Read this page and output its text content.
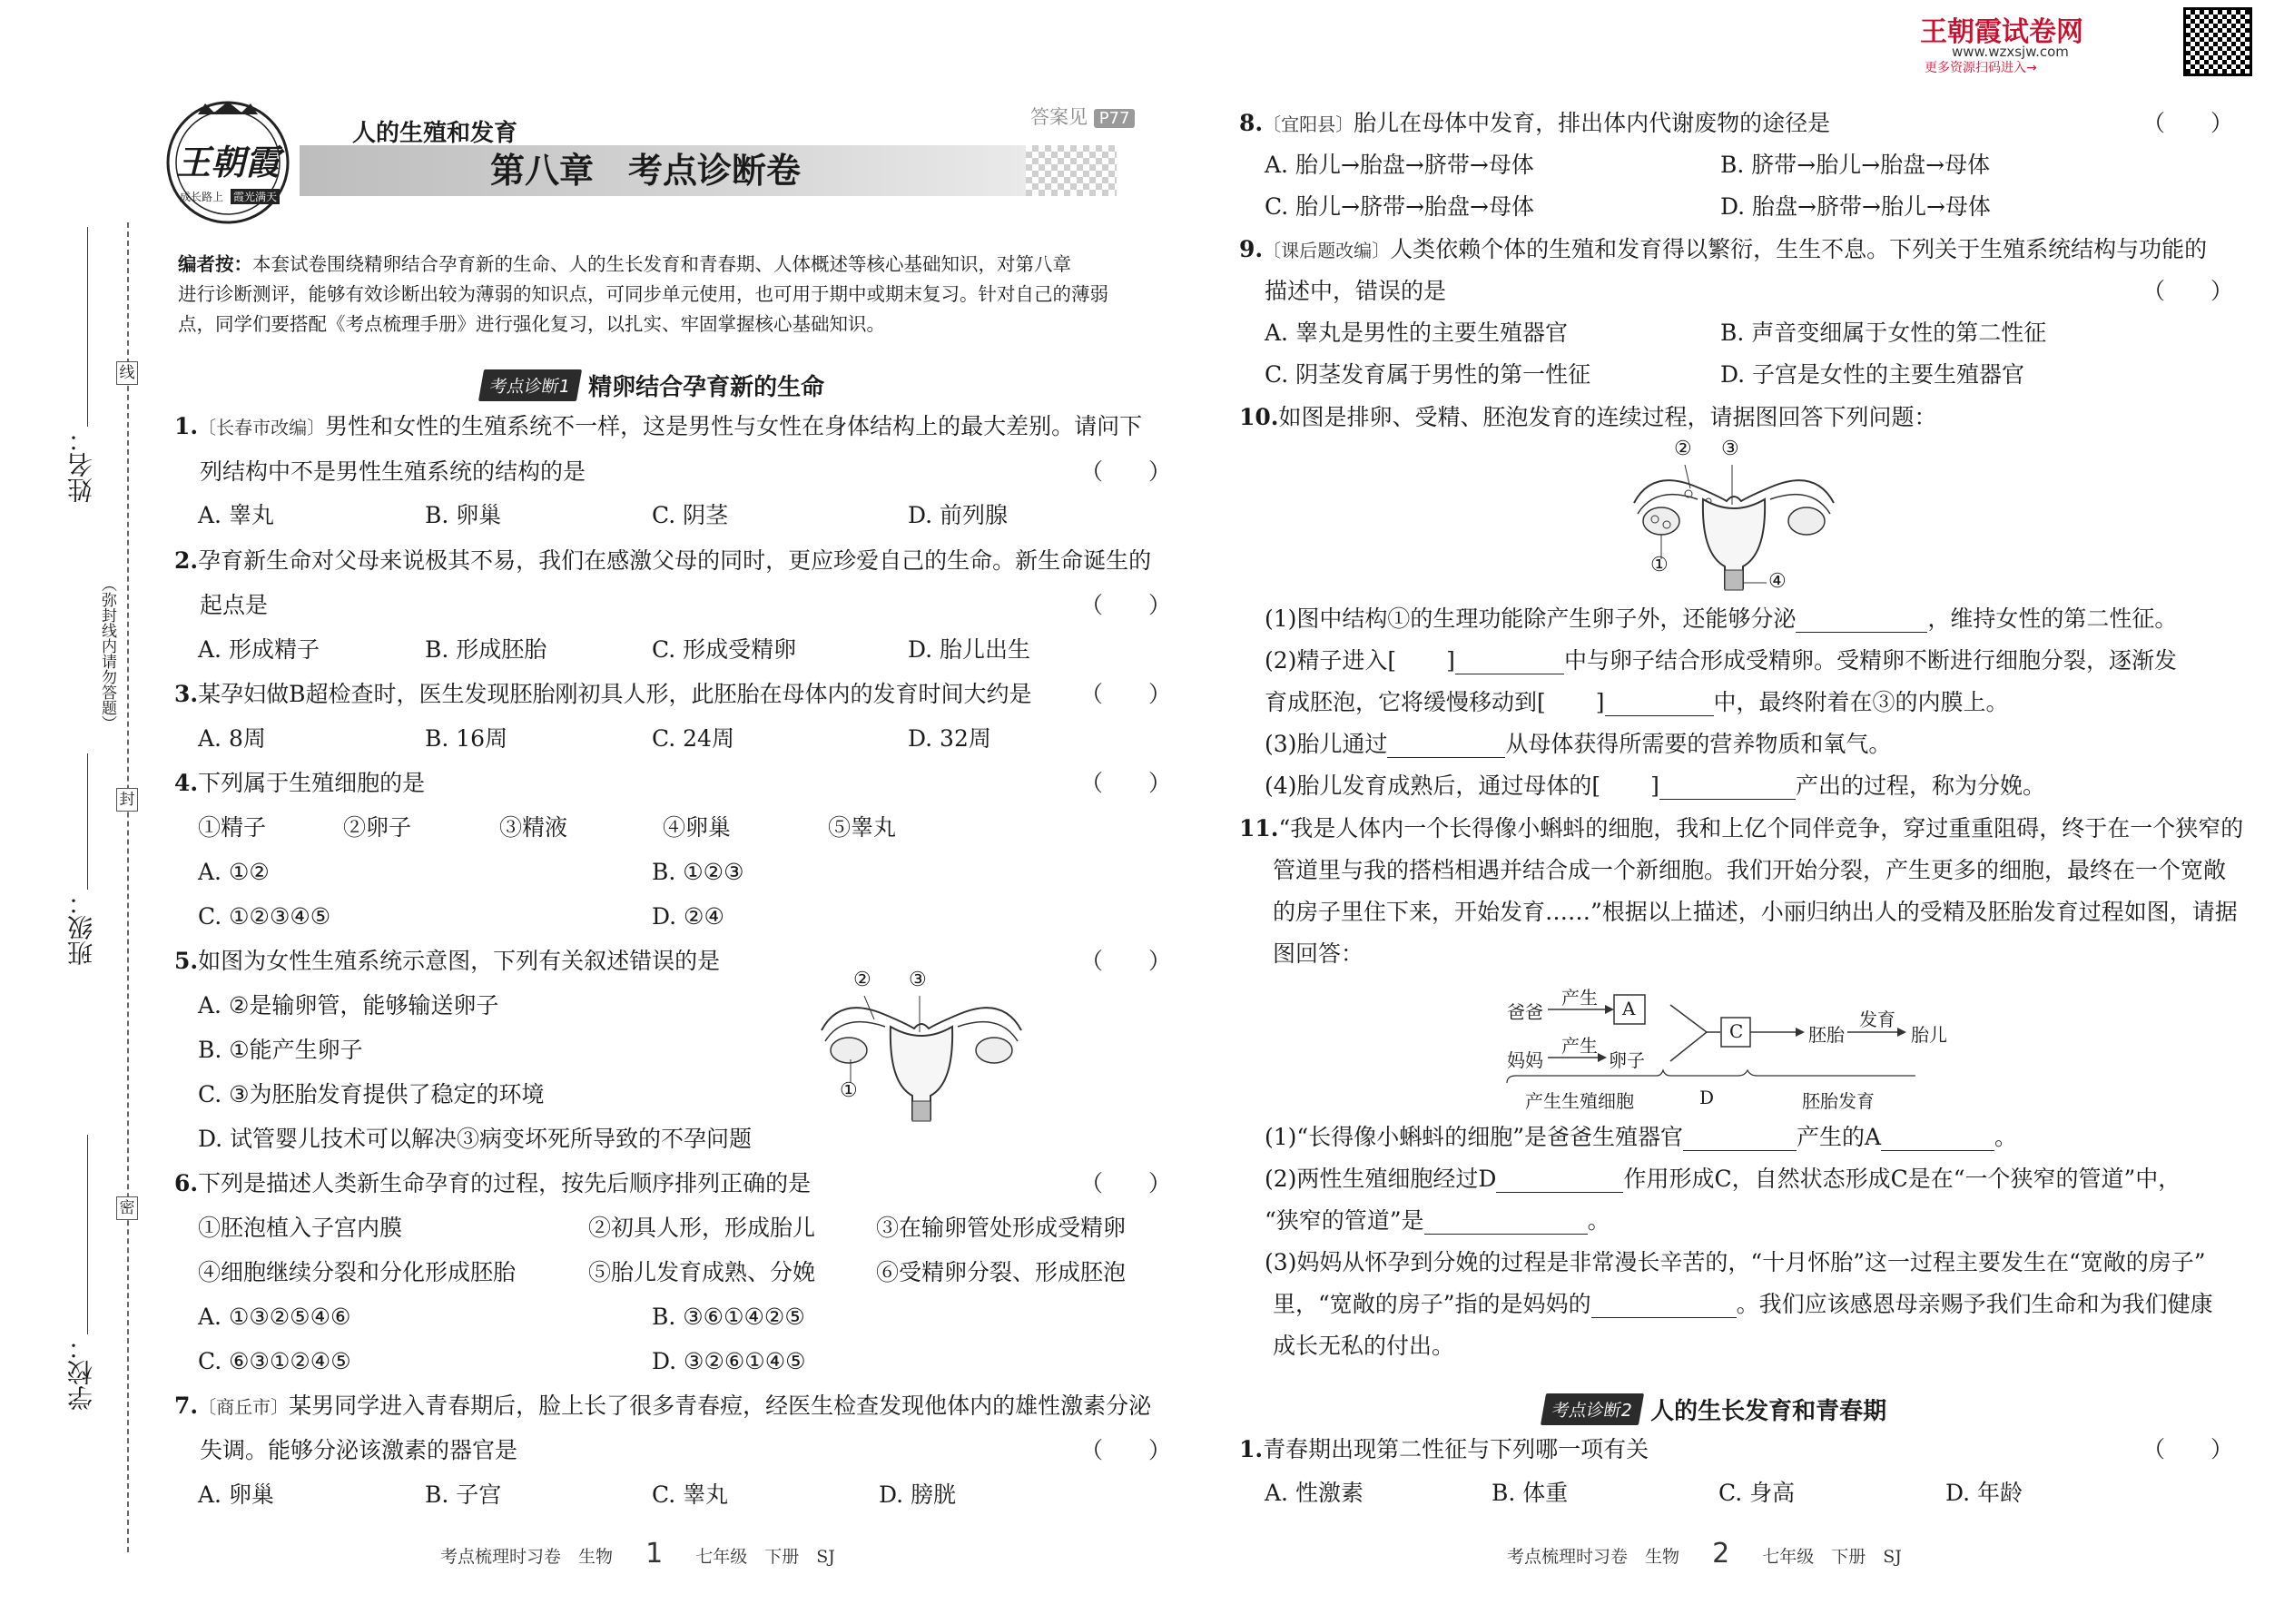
线
封
密
姓名：
（弥封线内请勿答题）
班级：
学校：
王朝霞
成长路上 霞光满天
人的生殖和发育
第八章　考点诊断卷
答案见 P77
王朝霞试卷网
www.wzxsjw.com
更多资源扫码进入→
编者按：本套试卷围绕精卵结合孕育新的生命、人的生长发育和青春期、人体概述等核心基础知识，对第八章
进行诊断测评，能够有效诊断出较为薄弱的知识点，可同步单元使用，也可用于期中或期末复习。针对自己的薄弱
点，同学们要搭配《考点梳理手册》进行强化复习，以扎实、牢固掌握核心基础知识。
考点诊断1 精卵结合孕育新的生命
1.〔长春市改编〕男性和女性的生殖系统不一样，这是男性与女性在身体结构上的最大差别。请问下
列结构中不是男性生殖系统的结构的是	（　　）
A. 睾丸	B. 卵巢	C. 阴茎	D. 前列腺
2.孕育新生命对父母来说极其不易，我们在感激父母的同时，更应珍爱自己的生命。新生命诞生的
起点是	（　　）
A. 形成精子	B. 形成胚胎	C. 形成受精卵	D. 胎儿出生
3.某孕妇做B超检查时，医生发现胚胎刚初具人形，此胚胎在母体内的发育时间大约是 （　　）
A. 8周	B. 16周	C. 24周	D. 32周
4.下列属于生殖细胞的是	（　　）
①精子	②卵子	③精液	④卵巢	⑤睾丸
A. ①②	B. ①②③
C. ①②③④⑤	D. ②④
5.如图为女性生殖系统示意图，下列有关叙述错误的是	（　　）
A. ②是输卵管，能够输送卵子
B. ①能产生卵子
C. ③为胚胎发育提供了稳定的环境
D. 试管婴儿技术可以解决③病变坏死所导致的不孕问题
② ③
①
6.下列是描述人类新生命孕育的过程，按先后顺序排列正确的是	（　　）
①胚泡植入子宫内膜	②初具人形，形成胎儿	③在输卵管处形成受精卵
④细胞继续分裂和分化形成胚胎	⑤胎儿发育成熟、分娩	⑥受精卵分裂、形成胚泡
A. ①③②⑤④⑥	B. ③⑥①④②⑤
C. ⑥③①②④⑤	D. ③②⑥①④⑤
7.〔商丘市〕某男同学进入青春期后，脸上长了很多青春痘，经医生检查发现他体内的雄性激素分泌
失调。能够分泌该激素的器官是	（　　）
A. 卵巢	B. 子宫	C. 睾丸	D. 膀胱
考点梳理时习卷　生物 1 七年级　下册　SJ
8.〔宜阳县〕胎儿在母体中发育，排出体内代谢废物的途径是	（　　）
A. 胎儿→胎盘→脐带→母体	B. 脐带→胎儿→胎盘→母体
C. 胎儿→脐带→胎盘→母体	D. 胎盘→脐带→胎儿→母体
9.〔课后题改编〕人类依赖个体的生殖和发育得以繁衍，生生不息。下列关于生殖系统结构与功能的
描述中，错误的是	（　　）
A. 睾丸是男性的主要生殖器官	B. 声音变细属于女性的第二性征
C. 阴茎发育属于男性的第一性征	D. 子宫是女性的主要生殖器官
10.如图是排卵、受精、胚泡发育的连续过程，请据图回答下列问题：
② ③
①
④
(1)图中结构①的生理功能除产生卵子外，还能够分泌	，维持女性的第二性征。
(2)精子进入[ ]	中与卵子结合形成受精卵。受精卵不断进行细胞分裂，逐渐发
育成胚泡，它将缓慢移动到[ ]	中，最终附着在③的内膜上。
(3)胎儿通过	从母体获得所需要的营养物质和氧气。
(4)胎儿发育成熟后，通过母体的[ ]	产出的过程，称为分娩。
11.“我是人体内一个长得像小蝌蚪的细胞，我和上亿个同伴竞争，穿过重重阻碍，终于在一个狭窄的
管道里与我的搭档相遇并结合成一个新细胞。我们开始分裂，产生更多的细胞，最终在一个宽敞
的房子里住下来，开始发育……”根据以上描述，小丽归纳出人的受精及胚胎发育过程如图，请据
图回答：
爸爸
产生 A
妈妈
产生
卵子
C	胚胎
发育
胎儿
产生生殖细胞	D	胚胎发育
(1)“长得像小蝌蚪的细胞”是爸爸生殖器官	产生的A	。
(2)两性生殖细胞经过D	作用形成C，自然状态形成C是在“一个狭窄的管道”中，
“狭窄的管道”是	。
(3)妈妈从怀孕到分娩的过程是非常漫长辛苦的，“十月怀胎”这一过程主要发生在“宽敞的房子”
里，“宽敞的房子”指的是妈妈的	。我们应该感恩母亲赐予我们生命和为我们健康
成长无私的付出。
考点诊断2 人的生长发育和青春期
1.青春期出现第二性征与下列哪一项有关	（　　）
A. 性激素	B. 体重	C. 身高	D. 年龄
考点梳理时习卷　生物 2 七年级　下册　SJ
